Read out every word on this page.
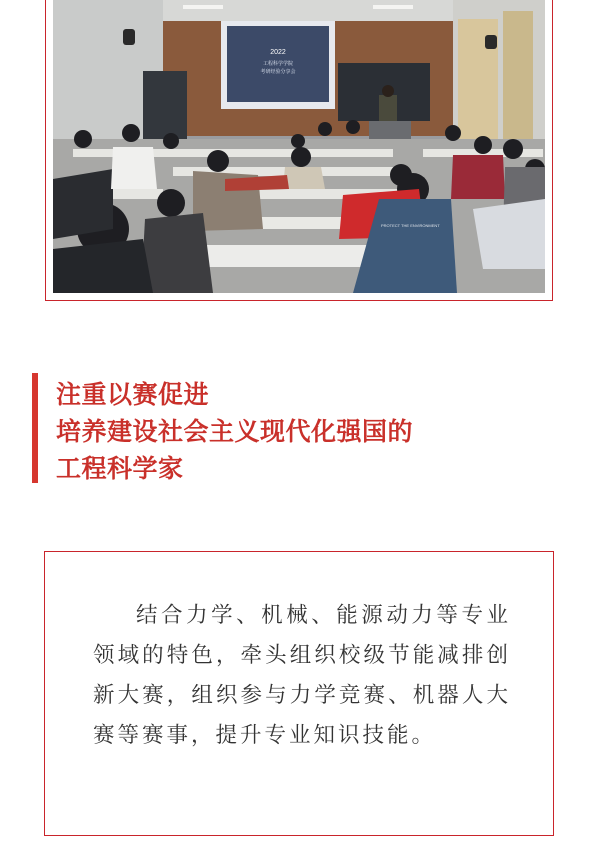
2022
工程科学学院
考研经验分享会
PROTECT THE ENVIRONMENT
注重以赛促进
培养建设社会主义现代化强国的
工程科学家

结合力学、机械、能源动力等专业领域的特色，牵头组织校级节能减排创新大赛，组织参与力学竞赛、机器人大赛等赛事，提升专业知识技能。
